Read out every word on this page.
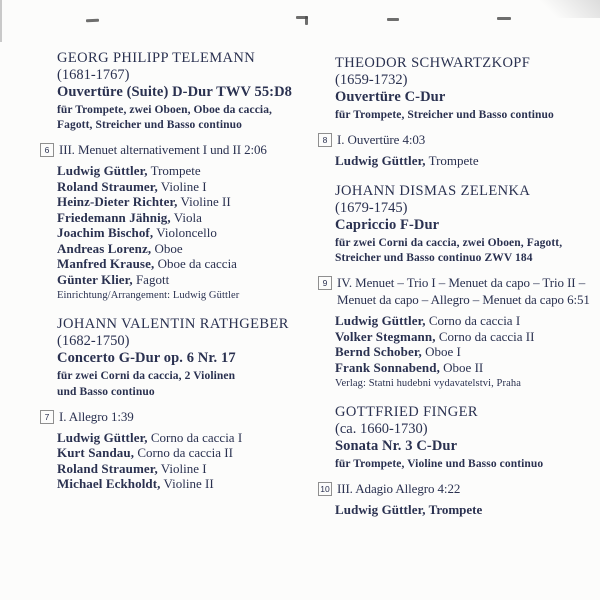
GEORG PHILIPP TELEMANN
(1681-1767)
Ouvertüre (Suite) D-Dur TWV 55:D8
für Trompete, zwei Oboen, Oboe da caccia,
Fagott, Streicher und Basso continuo
6 III. Menuet alternativement I und II 2:06
Ludwig Güttler, Trompete
Roland Straumer, Violine I
Heinz-Dieter Richter, Violine II
Friedemann Jähnig, Viola
Joachim Bischof, Violoncello
Andreas Lorenz, Oboe
Manfred Krause, Oboe da caccia
Günter Klier, Fagott
Einrichtung/Arrangement: Ludwig Güttler
JOHANN VALENTIN RATHGEBER
(1682-1750)
Concerto G-Dur op. 6 Nr. 17
für zwei Corni da caccia, 2 Violinen
und Basso continuo
7 I. Allegro 1:39
Ludwig Güttler, Corno da caccia I
Kurt Sandau, Corno da caccia II
Roland Straumer, Violine I
Michael Eckholdt, Violine II
THEODOR SCHWARTZKOPF
(1659-1732)
Ouvertüre C-Dur
für Trompete, Streicher und Basso continuo
8 I. Ouvertüre 4:03
Ludwig Güttler, Trompete
JOHANN DISMAS ZELENKA
(1679-1745)
Capriccio F-Dur
für zwei Corni da caccia, zwei Oboen, Fagott,
Streicher und Basso continuo ZWV 184
9 IV. Menuet – Trio I – Menuet da capo – Trio II –
Menuet da capo – Allegro – Menuet da capo 6:51
Ludwig Güttler, Corno da caccia I
Volker Stegmann, Corno da caccia II
Bernd Schober, Oboe I
Frank Sonnabend, Oboe II
Verlag: Statni hudebni vydavatelstvi, Praha
GOTTFRIED FINGER
(ca. 1660-1730)
Sonata Nr. 3 C-Dur
für Trompete, Violine und Basso continuo
10 III. Adagio Allegro 4:22
Ludwig Güttler, Trompete
